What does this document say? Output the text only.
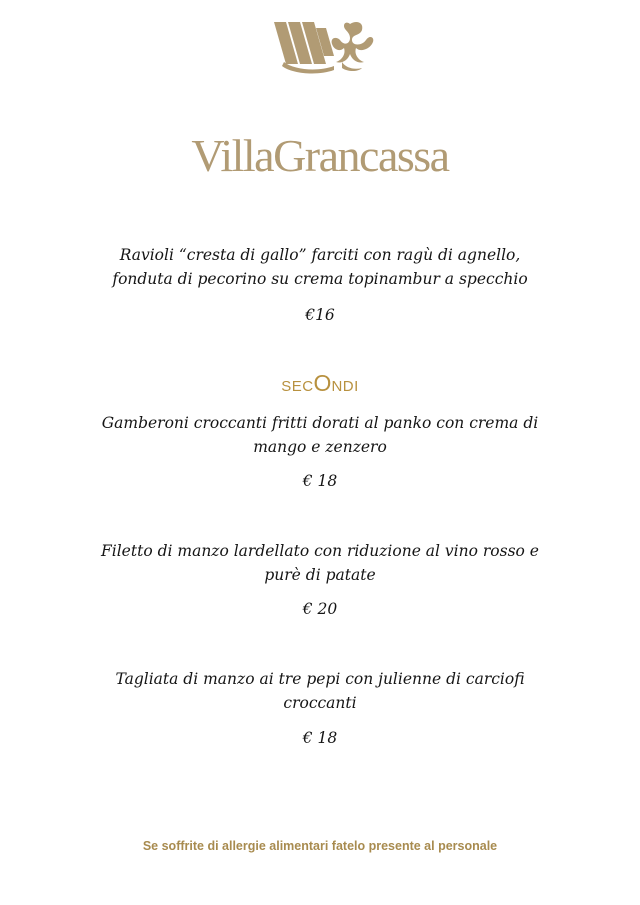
VillaGrancassa
Ravioli “cresta di gallo” farciti con ragù di agnello,
fonduta di pecorino su crema topinambur a specchio
€16
SECONDI
Gamberoni croccanti fritti dorati al panko con crema di
mango e zenzero
€ 18
Filetto di manzo lardellato con riduzione al vino rosso e
purè di patate
€ 20
Tagliata di manzo ai tre pepi con julienne di carciofi
croccanti
€ 18
Se soffrite di allergie alimentari fatelo presente al personale
